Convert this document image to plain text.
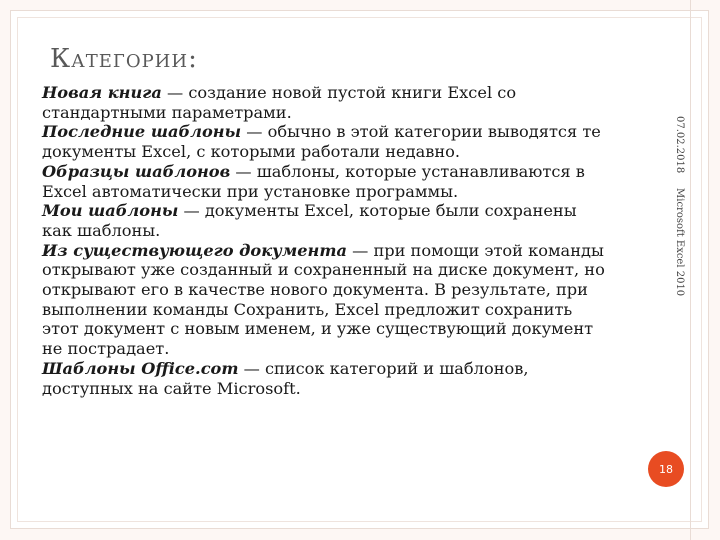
Категории:

Новая книга — создание новой пустой книги Excel со стандартными параметрами.

Последние шаблоны — обычно в этой категории выводятся те документы Excel, с которыми работали недавно.

Образцы шаблонов — шаблоны, которые устанавливаются в Excel автоматически при установке программы.

Мои шаблоны — документы Excel, которые были сохранены как шаблоны.

Из существующего документа — при помощи этой команды открывают уже созданный и сохраненный на диске документ, но открывают его в качестве нового документа. В результате, при выполнении команды Сохранить, Excel предложит сохранить этот документ с новым именем, и уже существующий документ не пострадает.

Шаблоны Office.com — список категорий и шаблонов, доступных на сайте Microsoft.

07.02.2018
Microsoft Excel 2010
18
